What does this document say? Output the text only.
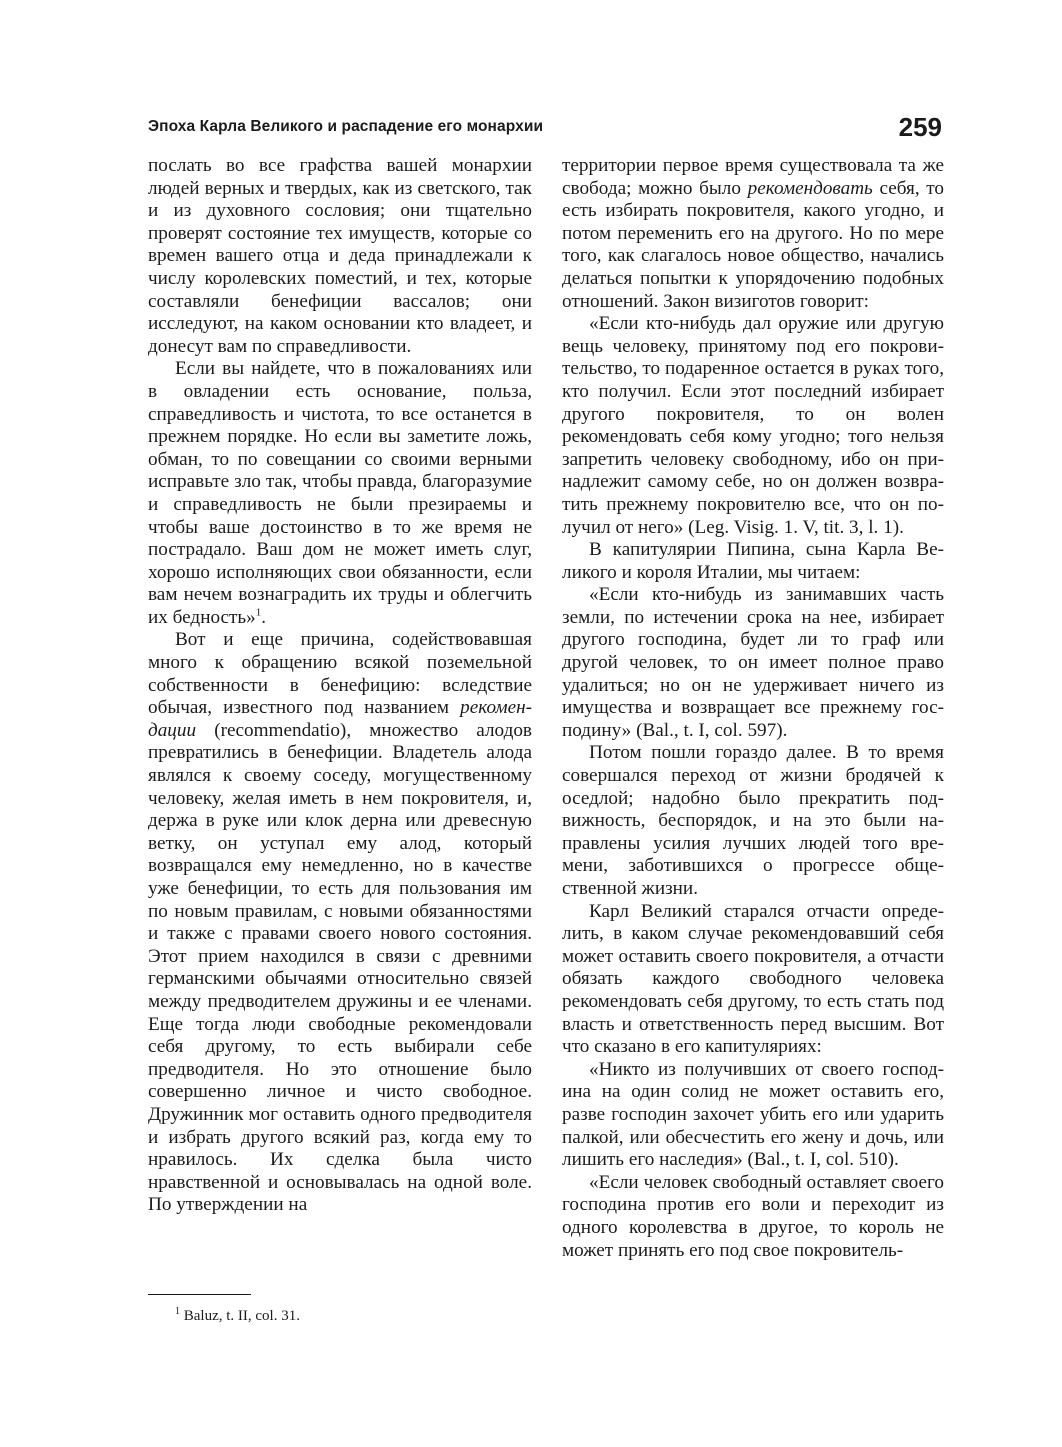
Эпоха Карла Великого и распадение его монархии	259

послать во все графства вашей монархии людей верных и твердых, как из светского, так и из духовного сословия; они тщательно проверят состояние тех имуществ, которые со времен вашего отца и деда принадлежали к числу королевских поместий, и тех, которые составляли бенефиции вассалов; они исследуют, на каком основании кто владеет, и донесут вам по справедливости.

Если вы найдете, что в пожалованиях или в овладении есть основание, польза, справедливость и чистота, то все останется в прежнем порядке. Но если вы заметите ложь, обман, то по совещании со своими верными исправьте зло так, чтобы правда, благоразумие и справедливость не были презираемы и чтобы ваше достоинство в то же время не пострадало. Ваш дом не может иметь слуг, хорошо исполняющих свои обязанности, если вам нечем вознаградить их труды и облегчить их бедность»$^1$.

Вот и еще причина, содействовавшая много к обращению всякой поземельной собственности в бенефицию: вследствие обычая, известного под названием рекомендации (recommendatio), множество алодов превратились в бенефиции. Владетель алода являлся к своему соседу, могущественному человеку, желая иметь в нем покровителя, и, держа в руке или клок дерна или древесную ветку, он уступал ему алод, который возвращался ему немедленно, но в качестве уже бенефиции, то есть для пользования им по новым правилам, с новыми обязанностями и также с правами своего нового состояния. Этот прием находился в связи с древними германскими обычаями относительно связей между предводителем дружины и ее членами. Еще тогда люди свободные рекомендовали себя другому, то есть выбирали себе предводителя. Но это отношение было совершенно личное и чисто свободное. Дружинник мог оставить одного предводителя и избрать другого всякий раз, когда ему то нравилось. Их сделка была чисто нравственной и основывалась на одной воле. По утверждении на

территории первое время существовала та же свобода; можно было рекомендовать себя, то есть избирать покровителя, какого угодно, и потом переменить его на другого. Но по мере того, как слагалось новое общество, начались делаться попытки к упорядочению подобных отношений. Закон визиготов говорит:

«Если кто-нибудь дал оружие или другую вещь человеку, принятому под его покровительство, то подаренное остается в руках того, кто получил. Если этот последний избирает другого покровителя, то он волен рекомендовать себя кому угодно; того нельзя запретить человеку свободному, ибо он принадлежит самому себе, но он должен возвратить прежнему покровителю все, что он получил от него» (Leg. Visig. 1. V, tit. 3, l. 1).

В капитулярии Пипина, сына Карла Великого и короля Италии, мы читаем:

«Если кто-нибудь из занимавших часть земли, по истечении срока на нее, избирает другого господина, будет ли то граф или другой человек, то он имеет полное право удалиться; но он не удерживает ничего из имущества и возвращает все прежнему господину» (Bal., t. I, col. 597).

Потом пошли гораздо далее. В то время совершался переход от жизни бродячей к оседлой; надобно было прекратить подвижность, беспорядок, и на это были направлены усилия лучших людей того времени, заботившихся о прогрессе общественной жизни.

Карл Великий старался отчасти определить, в каком случае рекомендовавший себя может оставить своего покровителя, а отчасти обязать каждого свободного человека рекомендовать себя другому, то есть стать под власть и ответственность перед высшим. Вот что сказано в его капитуляриях:

«Никто из получивших от своего господина на один солид не может оставить его, разве господин захочет убить его или ударить палкой, или обесчестить его жену и дочь, или лишить его наследия» (Bal., t. I, col. 510).

«Если человек свободный оставляет своего господина против его воли и переходит из одного королевства в другое, то король не может принять его под свое покровитель-

$^1$ Baluz, t. II, col. 31.
